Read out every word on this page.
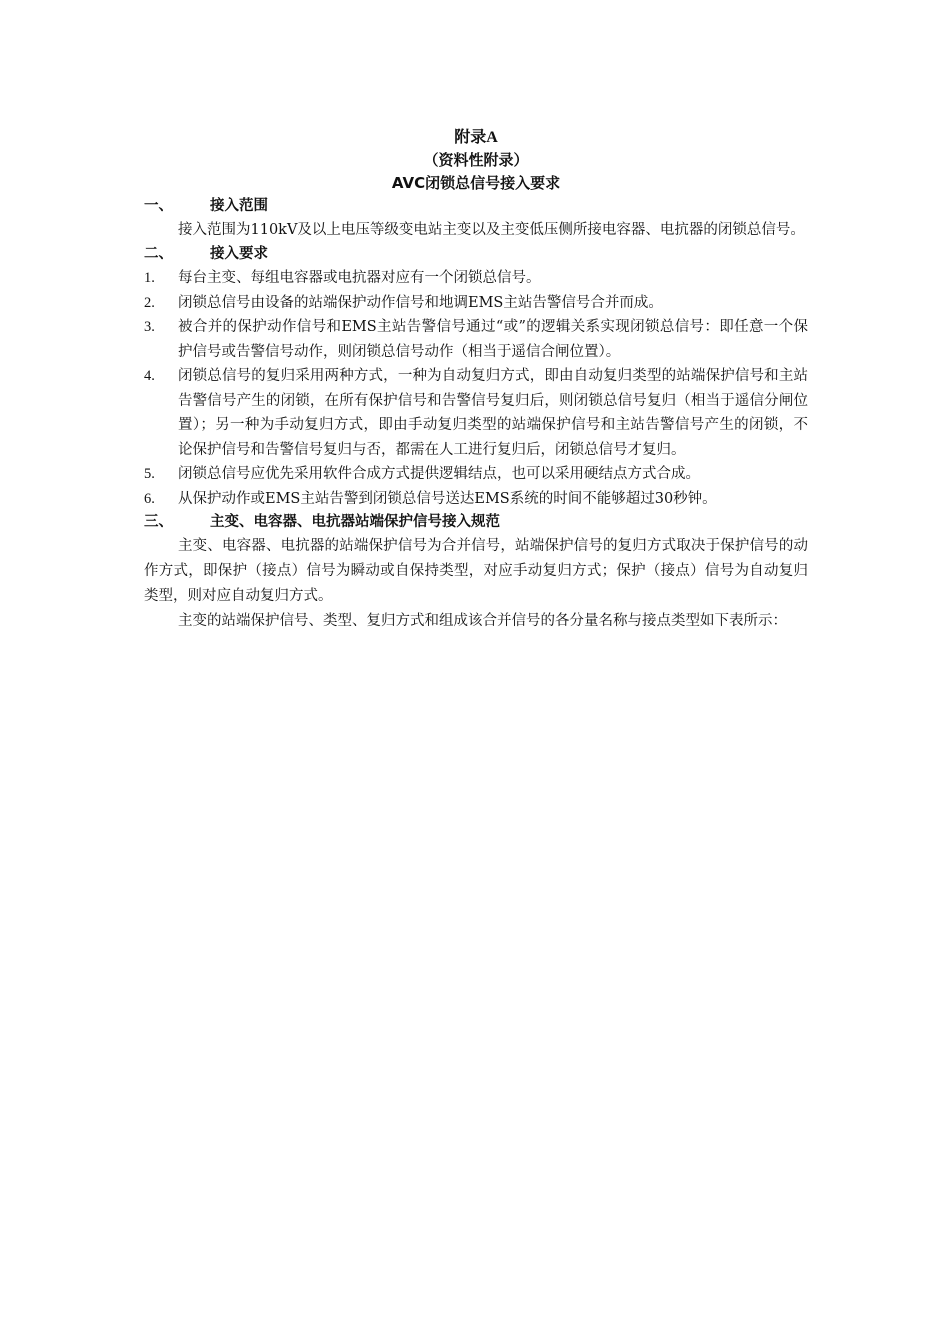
附录A
（资料性附录）
AVC闭锁总信号接入要求
一、	接入范围

接入范围为110kV及以上电压等级变电站主变以及主变低压侧所接电容器、电抗器的闭锁总信号。

二、	接入要求
1.	每台主变、每组电容器或电抗器对应有一个闭锁总信号。
2.	闭锁总信号由设备的站端保护动作信号和地调EMS主站告警信号合并而成。
3.	被合并的保护动作信号和EMS主站告警信号通过“或”的逻辑关系实现闭锁总信号：即任意一个保护信号或告警信号动作，则闭锁总信号动作（相当于遥信合闸位置）。
4.	闭锁总信号的复归采用两种方式，一种为自动复归方式，即由自动复归类型的站端保护信号和主站告警信号产生的闭锁，在所有保护信号和告警信号复归后，则闭锁总信号复归（相当于遥信分闸位置）；另一种为手动复归方式，即由手动复归类型的站端保护信号和主站告警信号产生的闭锁，不论保护信号和告警信号复归与否，都需在人工进行复归后，闭锁总信号才复归。
5.	闭锁总信号应优先采用软件合成方式提供逻辑结点，也可以采用硬结点方式合成。
6.	从保护动作或EMS主站告警到闭锁总信号送达EMS系统的时间不能够超过30秒钟。
三、	主变、电容器、电抗器站端保护信号接入规范

主变、电容器、电抗器的站端保护信号为合并信号，站端保护信号的复归方式取决于保护信号的动作方式，即保护（接点）信号为瞬动或自保持类型，对应手动复归方式；保护（接点）信号为自动复归类型，则对应自动复归方式。

主变的站端保护信号、类型、复归方式和组成该合并信号的各分量名称与接点类型如下表所示：
